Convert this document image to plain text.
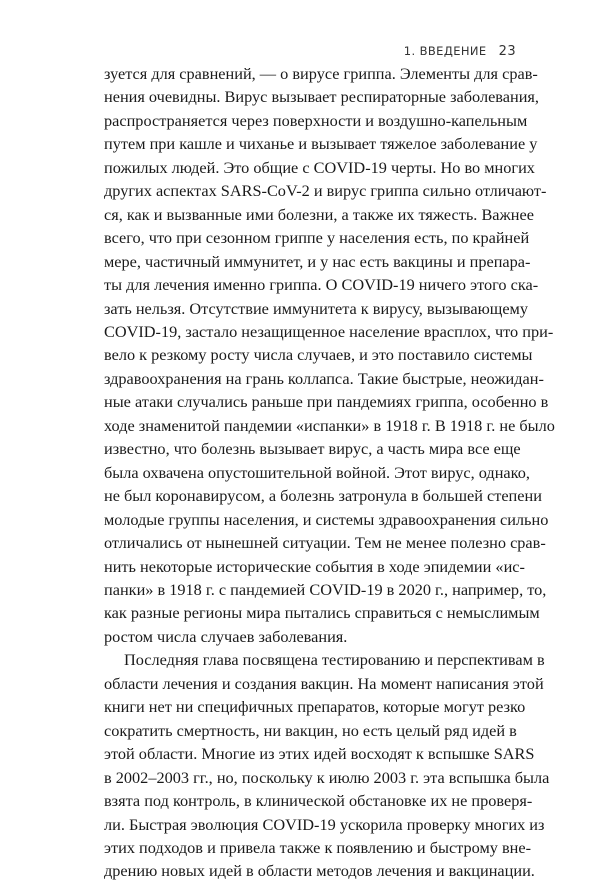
1. ВВЕДЕНИЕ 23

зуется для сравнений, — о вирусе гриппа. Элементы для срав-
нения очевидны. Вирус вызывает респираторные заболевания,
распространяется через поверхности и воздушно-капельным
путем при кашле и чиханье и вызывает тяжелое заболевание у
пожилых людей. Это общие с COVID-19 черты. Но во многих
других аспектах SARS-CoV-2 и вирус гриппа сильно отличают-
ся, как и вызванные ими болезни, а также их тяжесть. Важнее
всего, что при сезонном гриппе у населения есть, по крайней
мере, частичный иммунитет, и у нас есть вакцины и препара-
ты для лечения именно гриппа. О COVID-19 ничего этого ска-
зать нельзя. Отсутствие иммунитета к вирусу, вызывающему
COVID-19, застало незащищенное население врасплох, что при-
вело к резкому росту числа случаев, и это поставило системы
здравоохранения на грань коллапса. Такие быстрые, неожидан-
ные атаки случались раньше при пандемиях гриппа, особенно в
ходе знаменитой пандемии «испанки» в 1918 г. В 1918 г. не было
известно, что болезнь вызывает вирус, а часть мира все еще
была охвачена опустошительной войной. Этот вирус, однако,
не был коронавирусом, а болезнь затронула в большей степени
молодые группы населения, и системы здравоохранения сильно
отличались от нынешней ситуации. Тем не менее полезно срав-
нить некоторые исторические события в ходе эпидемии «ис-
панки» в 1918 г. с пандемией COVID-19 в 2020 г., например, то,
как разные регионы мира пытались справиться с немыслимым
ростом числа случаев заболевания.

Последняя глава посвящена тестированию и перспективам в
области лечения и создания вакцин. На момент написания этой
книги нет ни специфичных препаратов, которые могут резко
сократить смертность, ни вакцин, но есть целый ряд идей в
этой области. Многие из этих идей восходят к вспышке SARS
в 2002–2003 гг., но, поскольку к июлю 2003 г. эта вспышка была
взята под контроль, в клинической обстановке их не проверя-
ли. Быстрая эволюция COVID-19 ускорила проверку многих из
этих подходов и привела также к появлению и быстрому вне-
дрению новых идей в области методов лечения и вакцинации.
